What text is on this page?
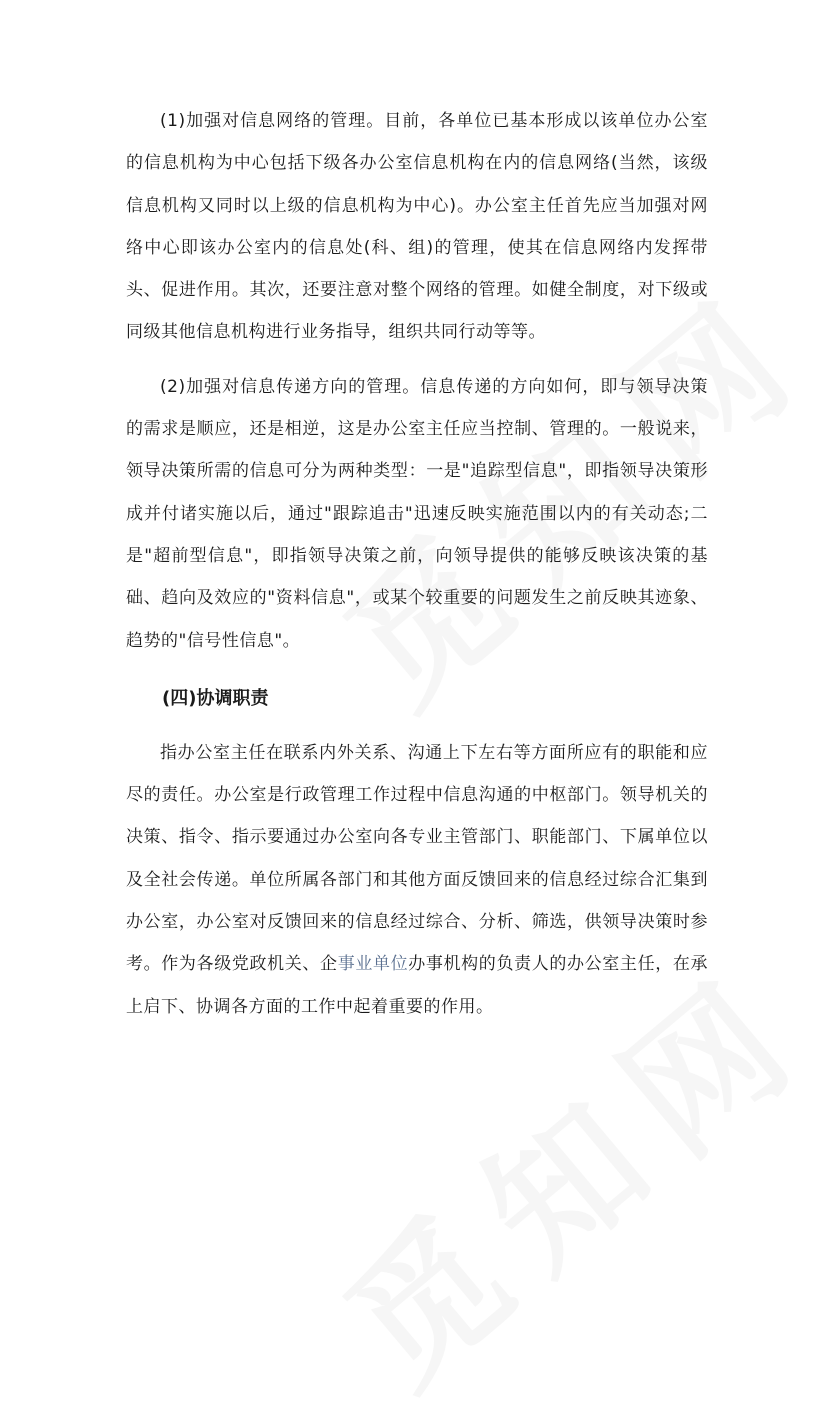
(1)加强对信息网络的管理。目前，各单位已基本形成以该单位办公室的信息机构为中心包括下级各办公室信息机构在内的信息网络(当然，该级信息机构又同时以上级的信息机构为中心)。办公室主任首先应当加强对网络中心即该办公室内的信息处(科、组)的管理，使其在信息网络内发挥带头、促进作用。其次，还要注意对整个网络的管理。如健全制度，对下级或同级其他信息机构进行业务指导，组织共同行动等等。

(2)加强对信息传递方向的管理。信息传递的方向如何，即与领导决策的需求是顺应，还是相逆，这是办公室主任应当控制、管理的。一般说来，领导决策所需的信息可分为两种类型：一是"追踪型信息"，即指领导决策形成并付诸实施以后，通过"跟踪追击"迅速反映实施范围以内的有关动态;二是"超前型信息"，即指领导决策之前，向领导提供的能够反映该决策的基础、趋向及效应的"资料信息"，或某个较重要的问题发生之前反映其迹象、趋势的"信号性信息"。

(四)协调职责

指办公室主任在联系内外关系、沟通上下左右等方面所应有的职能和应尽的责任。办公室是行政管理工作过程中信息沟通的中枢部门。领导机关的决策、指令、指示要通过办公室向各专业主管部门、职能部门、下属单位以及全社会传递。单位所属各部门和其他方面反馈回来的信息经过综合汇集到办公室，办公室对反馈回来的信息经过综合、分析、筛选，供领导决策时参考。作为各级党政机关、企事业单位办事机构的负责人的办公室主任，在承上启下、协调各方面的工作中起着重要的作用。
